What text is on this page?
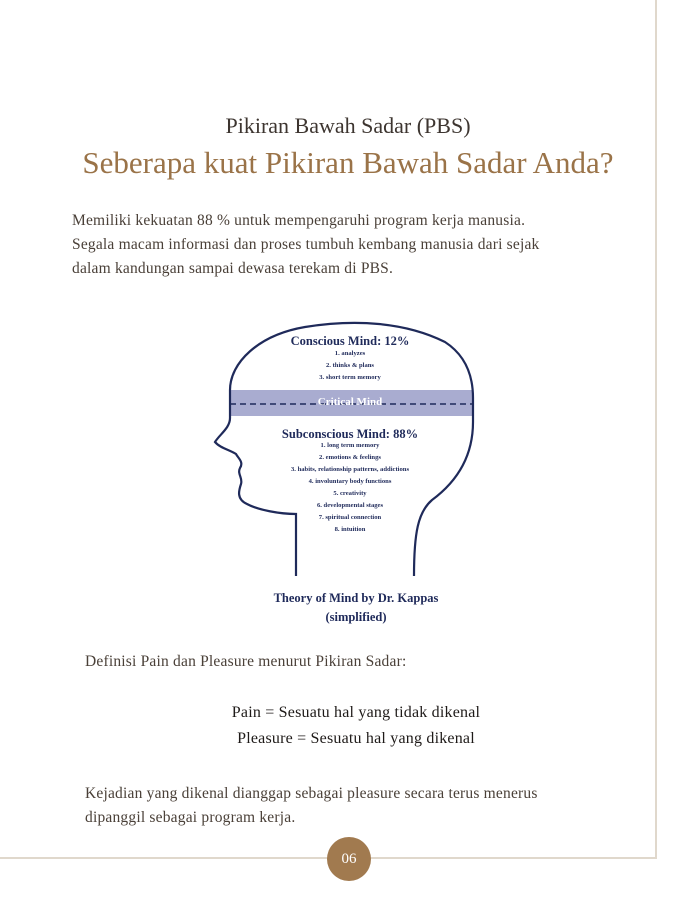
Pikiran Bawah Sadar (PBS)
Seberapa kuat Pikiran Bawah Sadar Anda?
Memiliki kekuatan 88 % untuk mempengaruhi program kerja manusia.
Segala macam informasi dan proses tumbuh kembang manusia dari sejak
dalam kandungan sampai dewasa terekam di PBS.
Conscious Mind: 12%
1. analyzes
2. thinks & plans
3. short term memory
Critical Mind
Subconscious Mind: 88%
1. long term memory
2. emotions & feelings
3. habits, relationship patterns, addictions
4. involuntary body functions
5. creativity
6. developmental stages
7. spiritual connection
8. intuition
Theory of Mind by Dr. Kappas
(simplified)
Definisi Pain dan Pleasure menurut Pikiran Sadar:
Pain = Sesuatu hal yang tidak dikenal
Pleasure = Sesuatu hal yang dikenal
Kejadian yang dikenal dianggap sebagai pleasure secara terus menerus
dipanggil sebagai program kerja.
06
